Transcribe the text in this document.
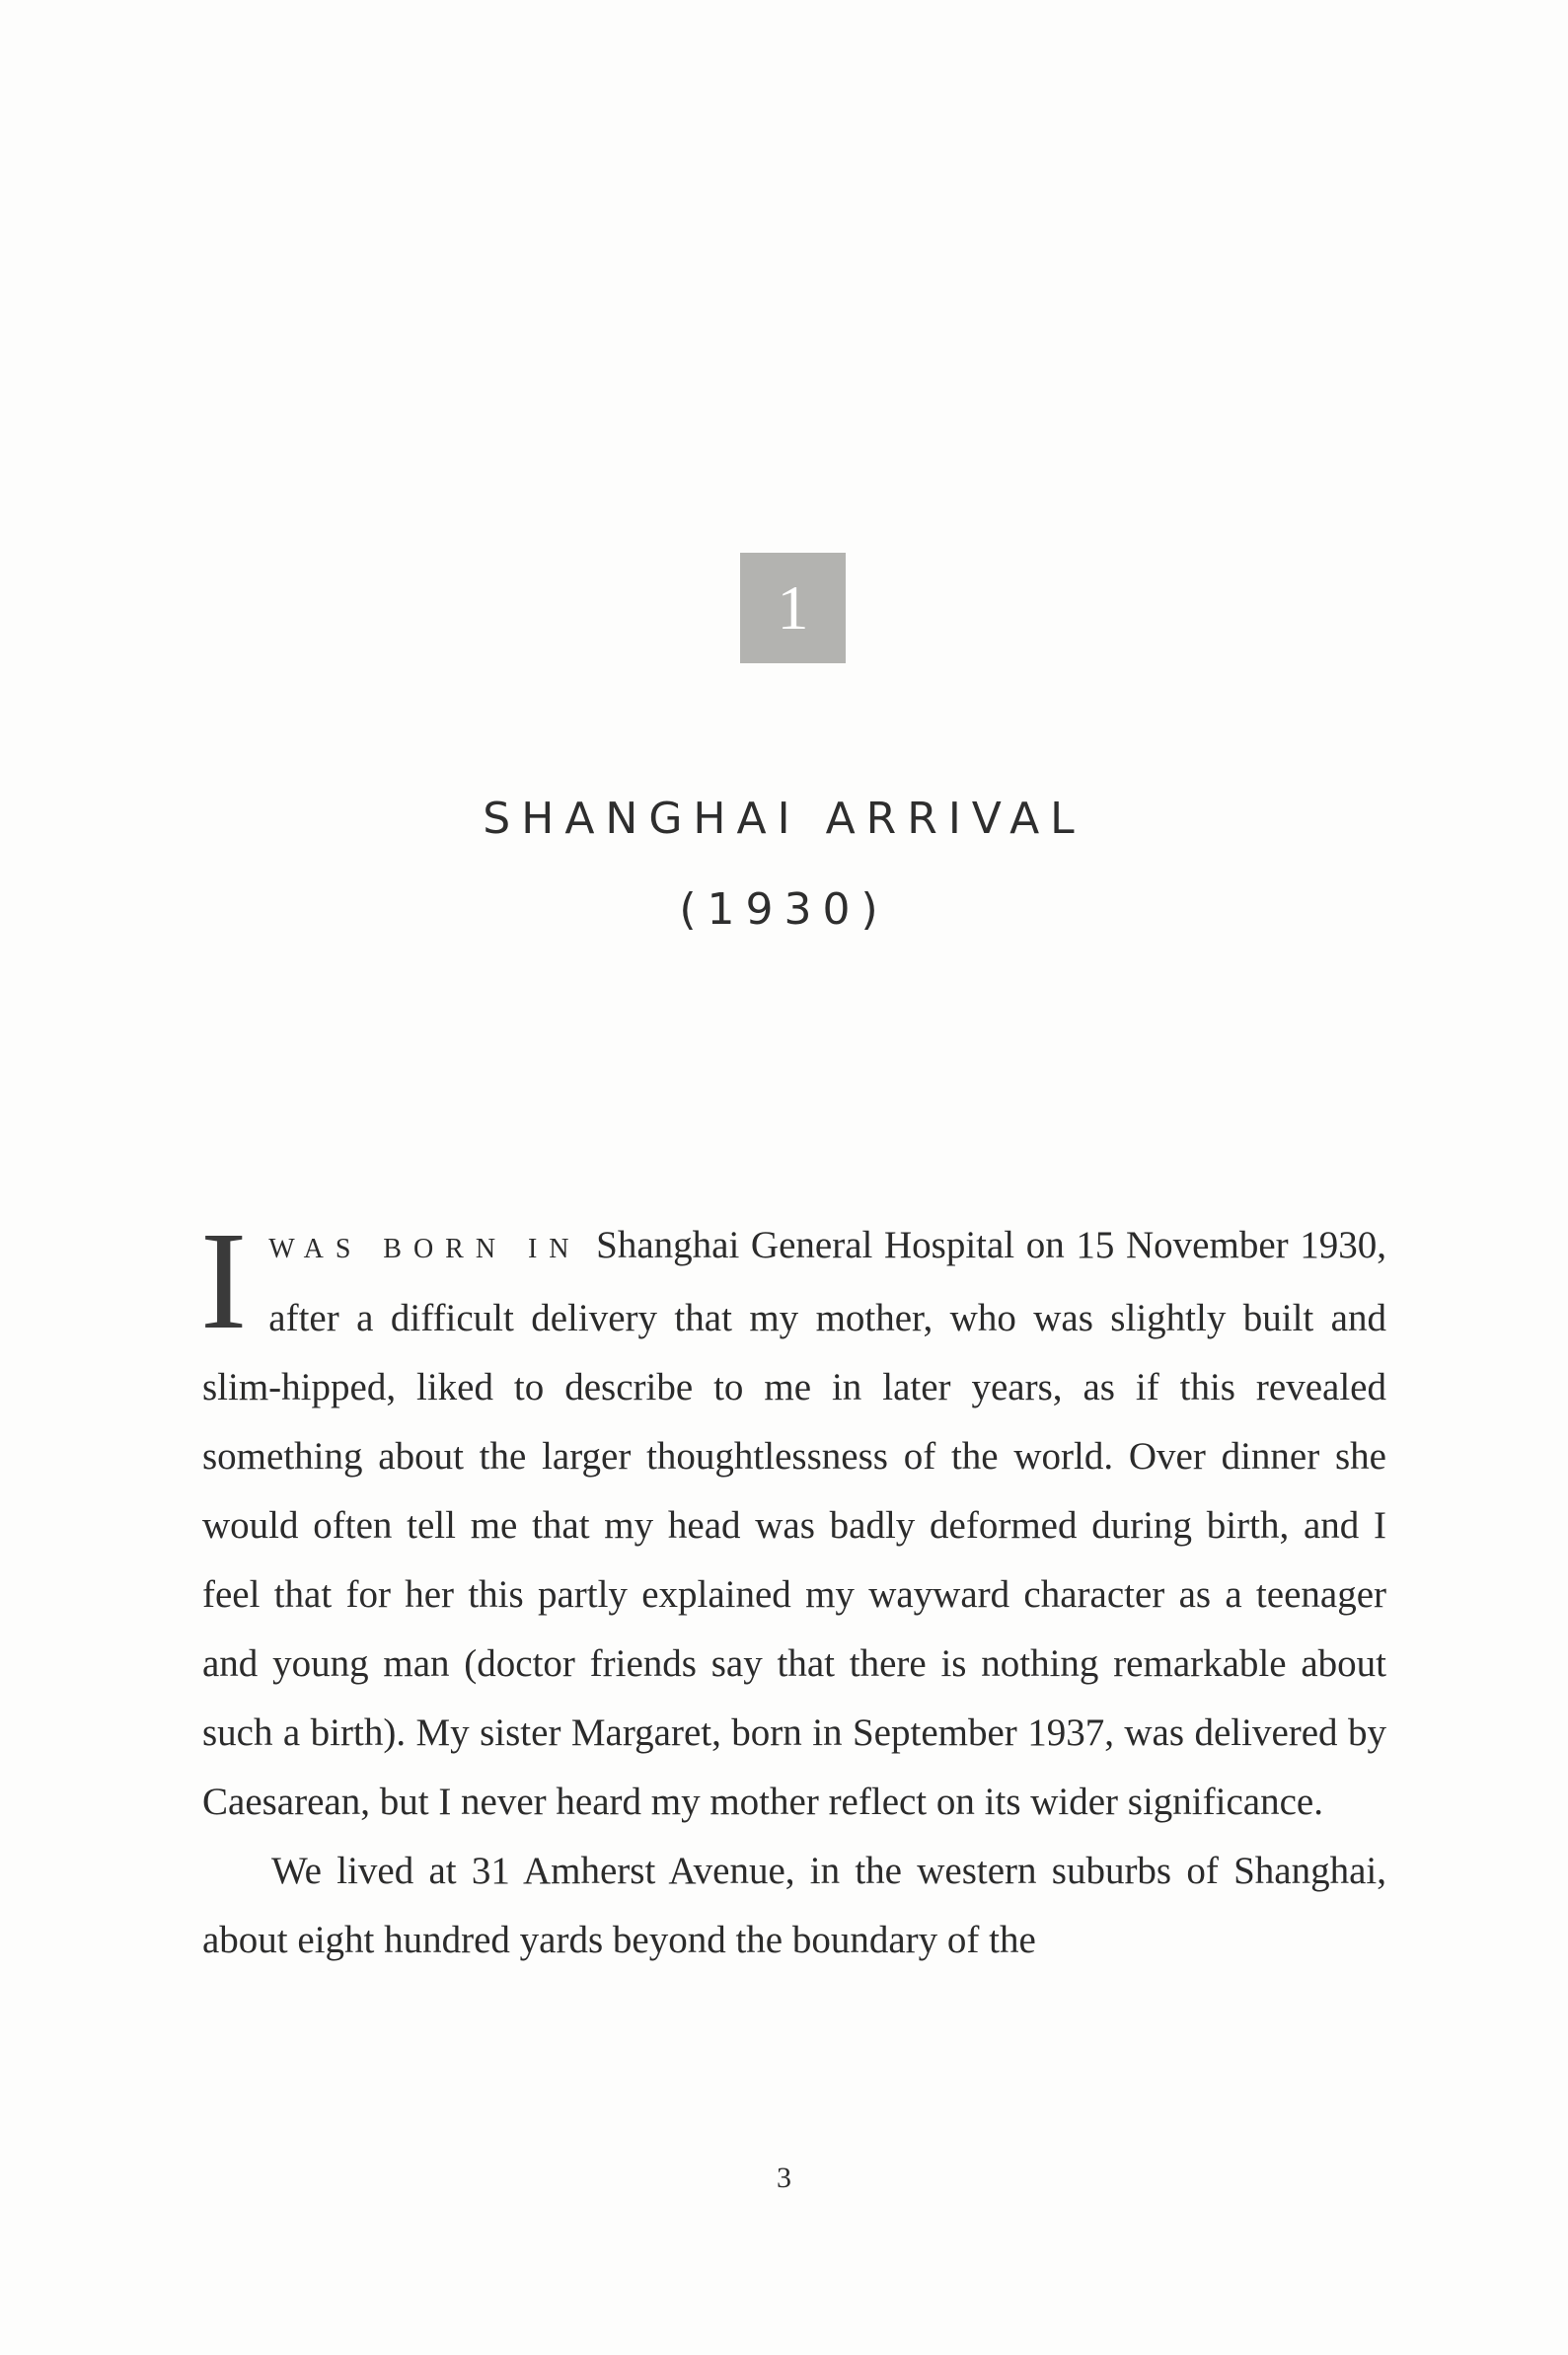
1
SHANGHAI ARRIVAL
(1930)

IWAS BORN IN Shanghai General Hospital on 15 November 1930, after a difficult delivery that my mother, who was slightly built and slim-hipped, liked to describe to me in later years, as if this revealed something about the larger thoughtlessness of the world. Over dinner she would often tell me that my head was badly deformed during birth, and I feel that for her this partly explained my wayward character as a teenager and young man (doctor friends say that there is nothing remarkable about such a birth). My sister Margaret, born in September 1937, was delivered by Caesarean, but I never heard my mother reflect on its wider significance.

We lived at 31 Amherst Avenue, in the western suburbs of Shanghai, about eight hundred yards beyond the boundary of the

3
